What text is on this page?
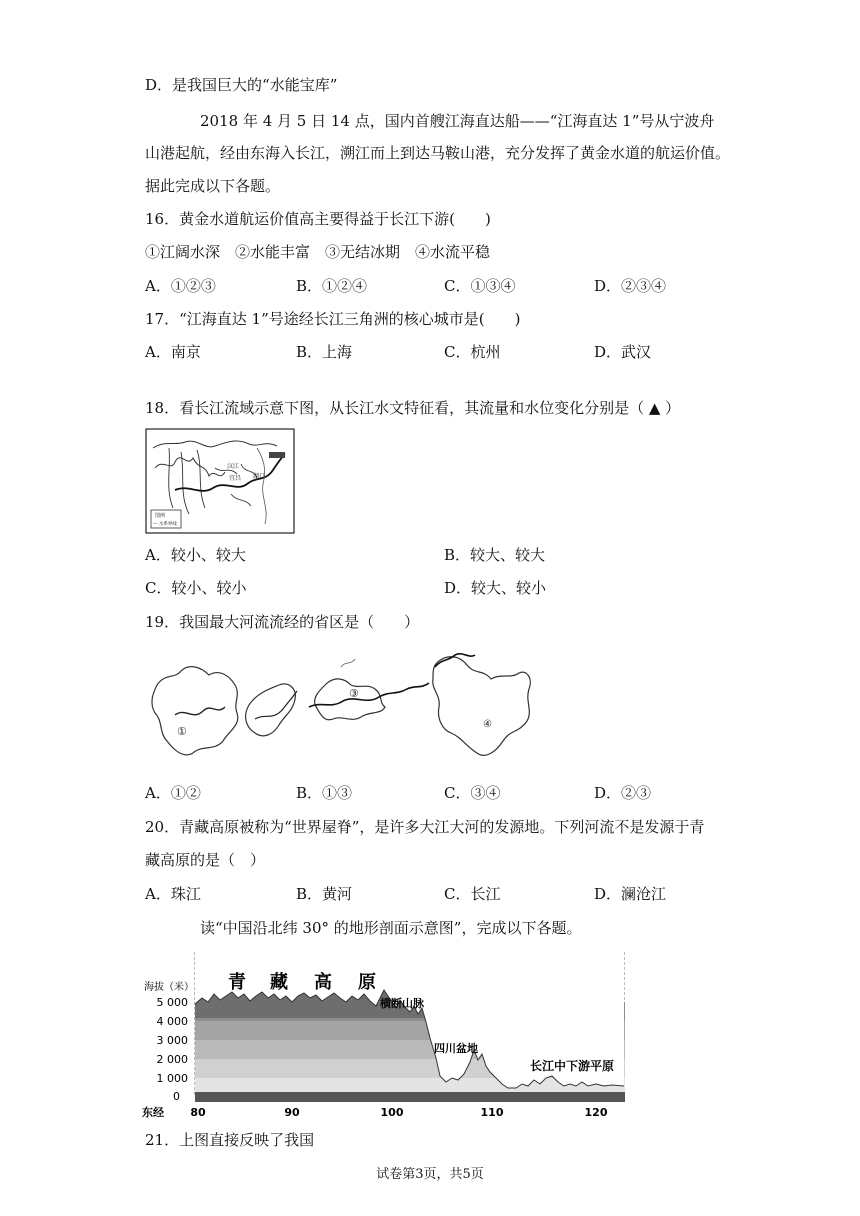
D．是我国巨大的“水能宝库”
2018 年 4 月 5 日 14 点，国内首艘江海直达船——“江海直达 1”号从宁波舟
山港起航，经由东海入长江，溯江而上到达马鞍山港，充分发挥了黄金水道的航运价值。
据此完成以下各题。
16．黄金水道航运价值高主要得益于长江下游(　　)
①江阔水深　②水能丰富　③无结冰期　④水流平稳
A．①②③	B．①②④	C．①③④	D．②③④
17．“江海直达 1”号途经长江三角洲的核心城市是(　　)
A．南京	B．上海	C．杭州	D．武汉
18．看长江流域示意下图，从长江水文特征看，其流量和水位变化分别是（ ▲ ）
汉江
宜昌 湖口
图例
— 水系界线
A．较小、较大	B．较大、较大
C．较小、较小	D．较大、较小
19．我国最大河流流经的省区是（　　）
①
③
④
A．①②	B．①③	C．③④	D．②③
20．青藏高原被称为“世界屋脊”，是许多大江大河的发源地。下列河流不是发源于青
藏高原的是（　）
A．珠江	B．黄河	C．长江	D．澜沧江
读“中国沿北纬 30° 的地形剖面示意图”，完成以下各题。
海拔（米）
5 000
4 000
3 000
2 000
1 000
0
青 藏 高 原
横断山脉
四川盆地
长江中下游平原
东经 80	90	100	110	120
21．上图直接反映了我国
试卷第3页，共5页
